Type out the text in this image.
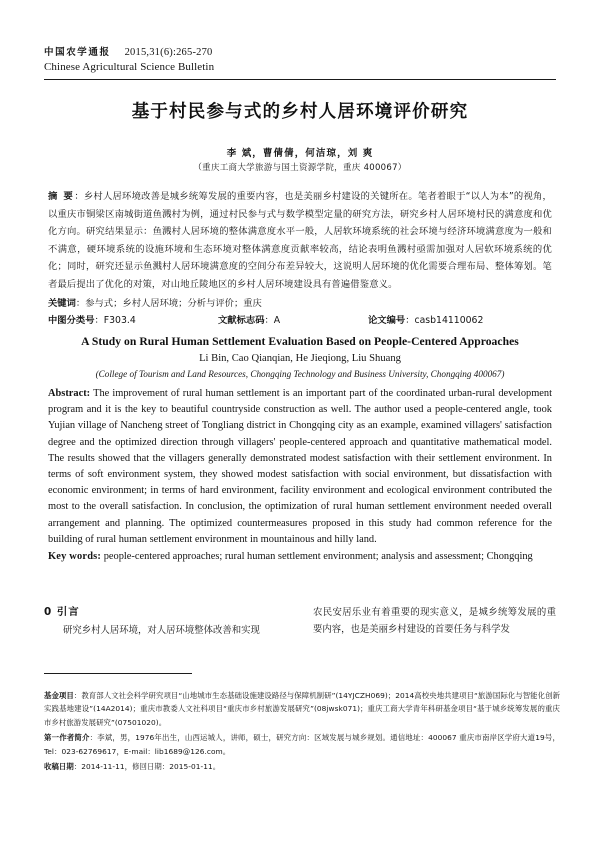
中国农学通报 2015,31(6):265-270
Chinese Agricultural Science Bulletin
基于村民参与式的乡村人居环境评价研究
李 斌，曹倩倩，何洁琼，刘 爽
（重庆工商大学旅游与国土资源学院，重庆 400067）
摘 要：乡村人居环境改善是城乡统筹发展的重要内容，也是美丽乡村建设的关键所在。笔者着眼于“以人为本”的视角，以重庆市铜梁区南城街道鱼溅村为例，通过村民参与式与数学模型定量的研究方法，研究乡村人居环境村民的满意度和优化方向。研究结果显示：鱼溅村人居环境的整体满意度水平一般，人居软环境系统的社会环境与经济环境满意度为一般和不满意，硬环境系统的设施环境和生态环境对整体满意度贡献率较高，结论表明鱼溅村亟需加强对人居软环境系统的优化；同时，研究还显示鱼溅村人居环境满意度的空间分布差异较大，这说明人居环境的优化需要合理布局、整体筹划。笔者最后提出了优化的对策，对山地丘陵地区的乡村人居环境建设具有普遍借鉴意义。
关键词：参与式；乡村人居环境；分析与评价；重庆
中图分类号：F303.4	文献标志码：A	论文编号：casb14110062
A Study on Rural Human Settlement Evaluation Based on People-Centered Approaches
Li Bin, Cao Qianqian, He Jieqiong, Liu Shuang
(College of Tourism and Land Resources, Chongqing Technology and Business University, Chongqing 400067)
Abstract: The improvement of rural human settlement is an important part of the coordinated urban-rural development program and it is the key to beautiful countryside construction as well. The author used a people-centered angle, took Yujian village of Nancheng street of Tongliang district in Chongqing city as an example, examined villagers' satisfaction degree and the optimized direction through villagers' people-centered approach and quantitative mathematical model. The results showed that the villagers generally demonstrated modest satisfaction with their settlement environment. In terms of soft environment system, they showed modest satisfaction with social environment, but dissatisfaction with economic environment; in terms of hard environment, facility environment and ecological environment contributed the most to the overall satisfaction. In conclusion, the optimization of rural human settlement environment needed overall arrangement and planning. The optimized countermeasures proposed in this study had common reference for the building of rural human settlement environment in mountainous and hilly land.
Key words: people-centered approaches; rural human settlement environment; analysis and assessment; Chongqing
0 引言
研究乡村人居环境，对人居环境整体改善和实现
农民安居乐业有着重要的现实意义，是城乡统筹发展的重要内容，也是美丽乡村建设的首要任务与科学发
基金项目：教育部人文社会科学研究项目“山地城市生态基础设施建设路径与保障机制研”(14YJCZH069)；2014高校央地共建项目“旅游国际化与智能化创新实践基地建设”(14A2014)；重庆市教委人文社科项目“重庆市乡村旅游发展研究”(08jwsk071)；重庆工商大学青年科研基金项目“基于城乡统筹发展的重庆市乡村旅游发展研究”(07501020)。
第一作者简介：李斌，男，1976年出生，山西运城人，讲师，硕士，研究方向：区域发展与城乡规划。通信地址：400067 重庆市南岸区学府大道19号，Tel：023-62769617，E-mail：lib1689@126.com。
收稿日期：2014-11-11，修回日期：2015-01-11。
